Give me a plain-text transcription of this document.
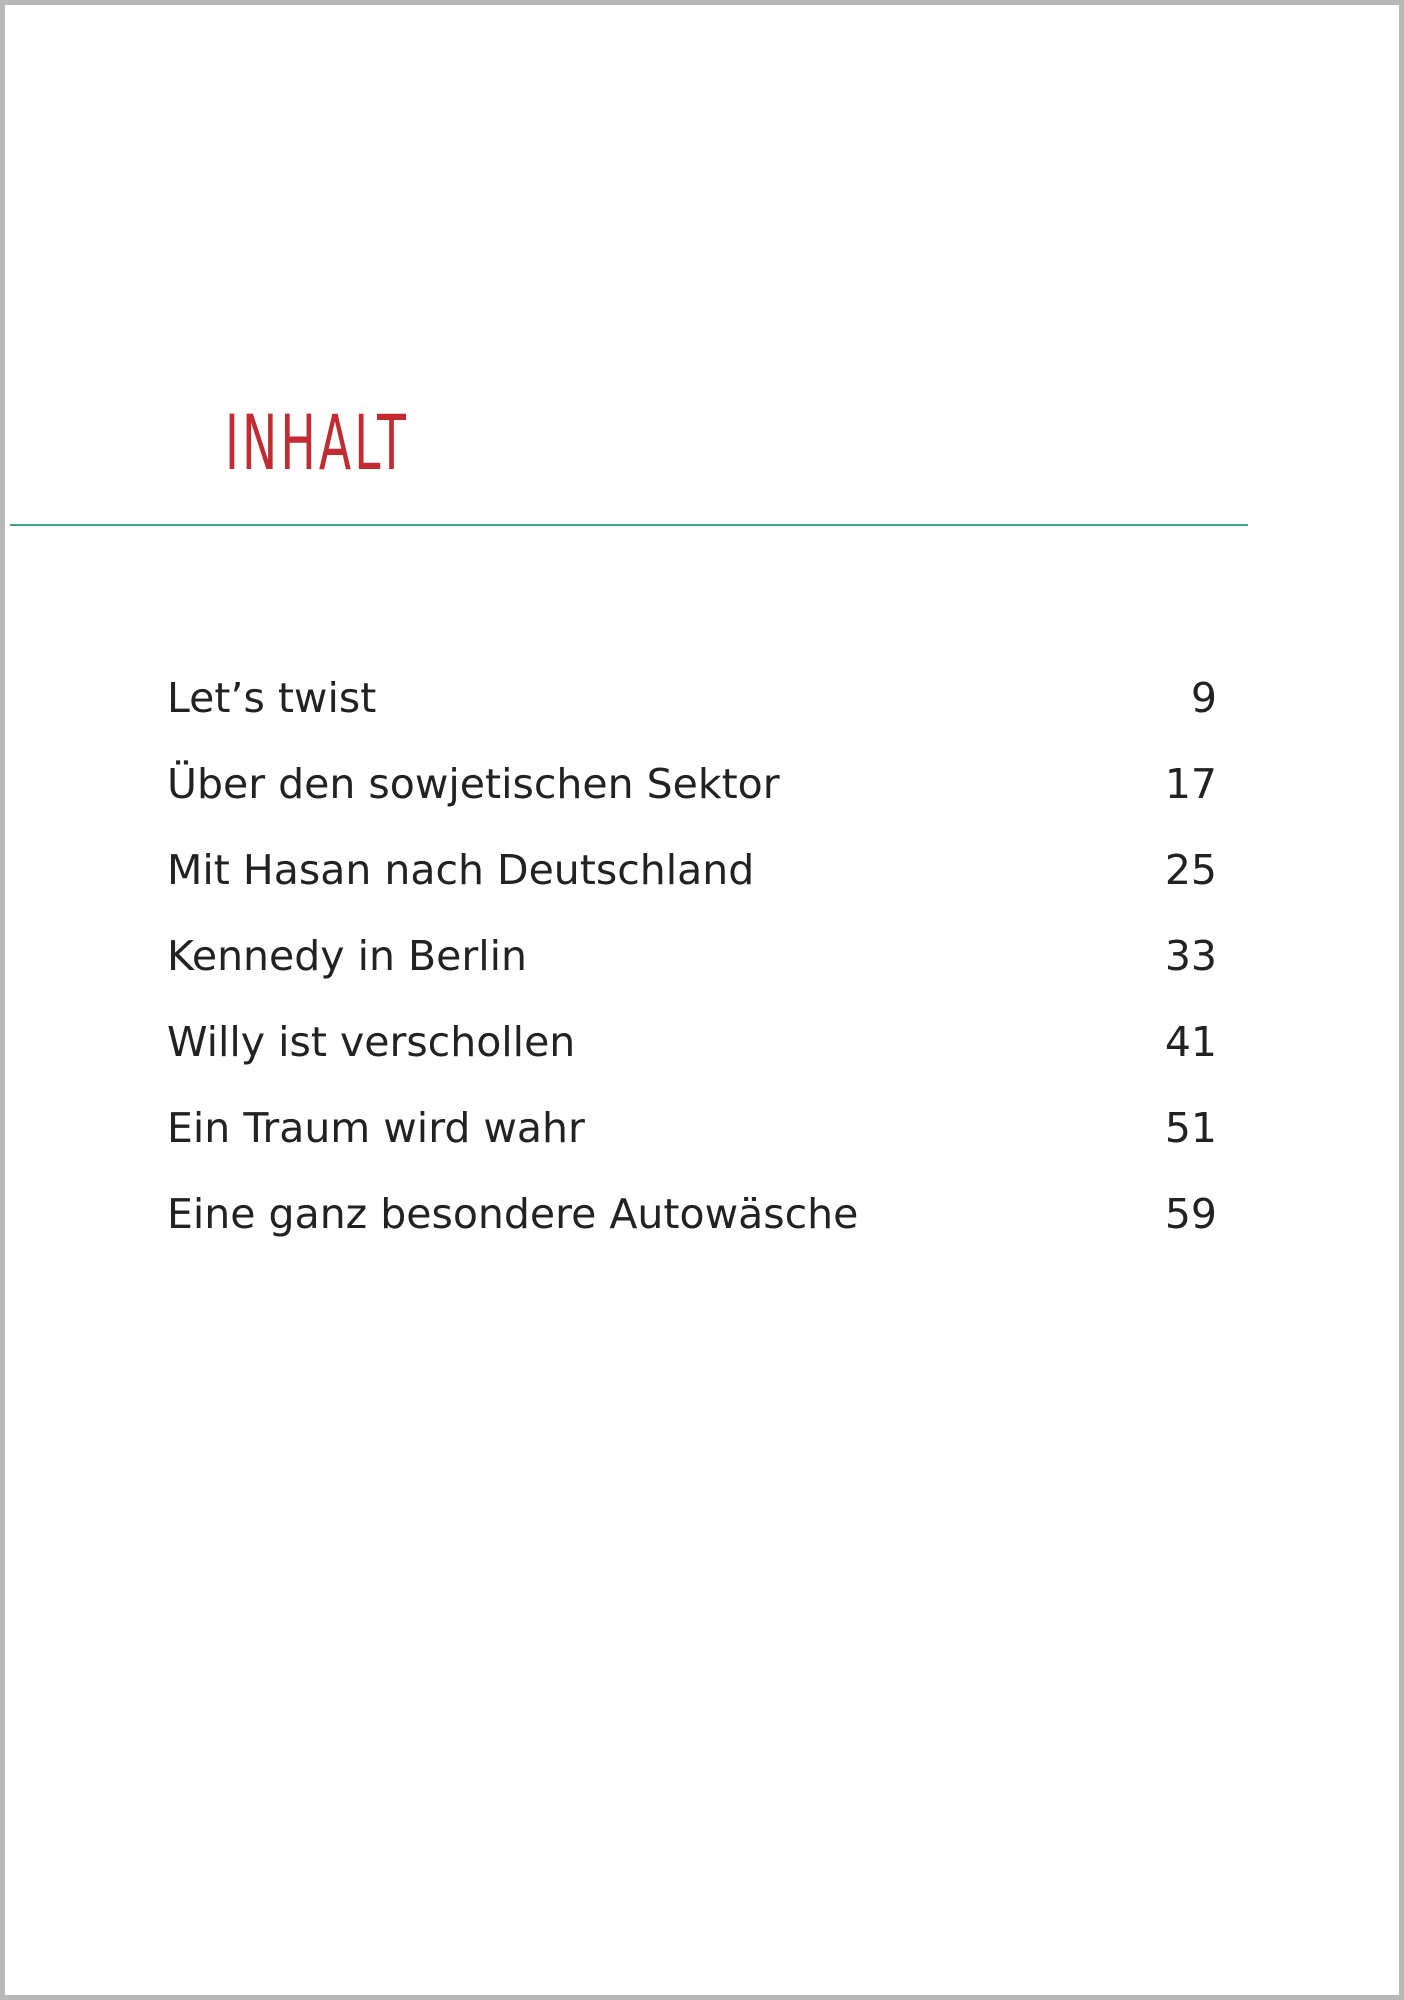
INHALT
Let’s twist	9
Über den sowjetischen Sektor	17
Mit Hasan nach Deutschland	25
Kennedy in Berlin	33
Willy ist verschollen	41
Ein Traum wird wahr	51
Eine ganz besondere Autowäsche	59
